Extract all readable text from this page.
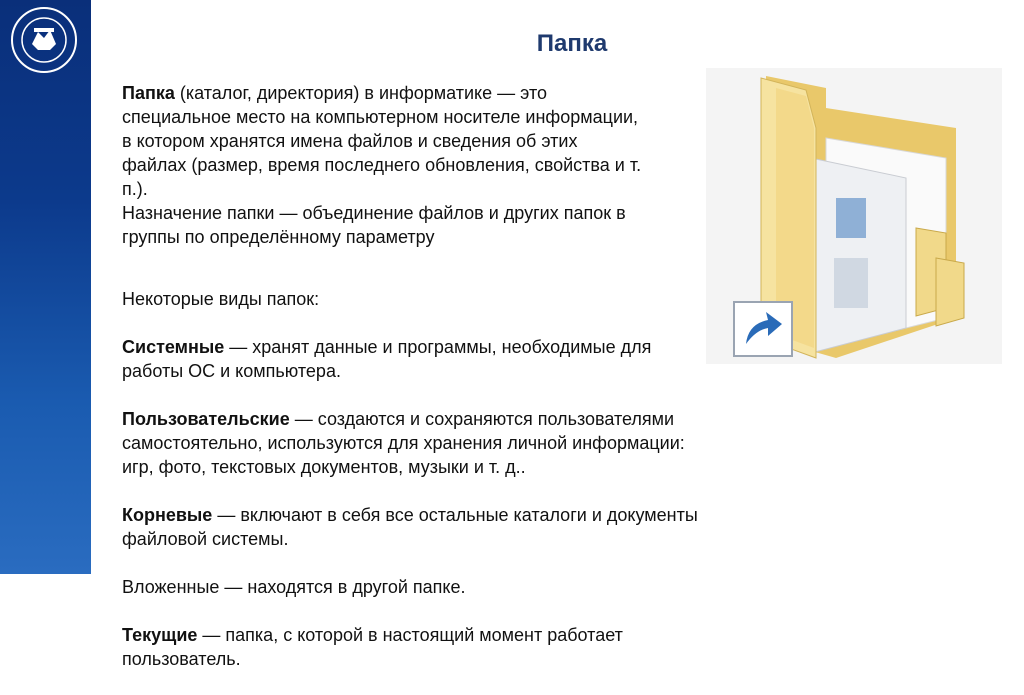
Папка

Папка (каталог, директория) в информатике — это специальное место на компьютерном носителе информации, в котором хранятся имена файлов и сведения об этих файлах (размер, время последнего обновления, свойства и т. п.).
Назначение папки — объединение файлов и других папок в группы по определённому параметру

Некоторые виды папок:

Системные — хранят данные и программы, необходимые для работы ОС и компьютера.

Пользовательские — создаются и сохраняются пользователями самостоятельно, используются для хранения личной информации: игр, фото, текстовых документов, музыки и т. д..

Корневые — включают в себя все остальные каталоги и документы файловой системы.

Вложенные — находятся в другой папке.

Текущие — папка, с которой в настоящий момент работает пользователь.
